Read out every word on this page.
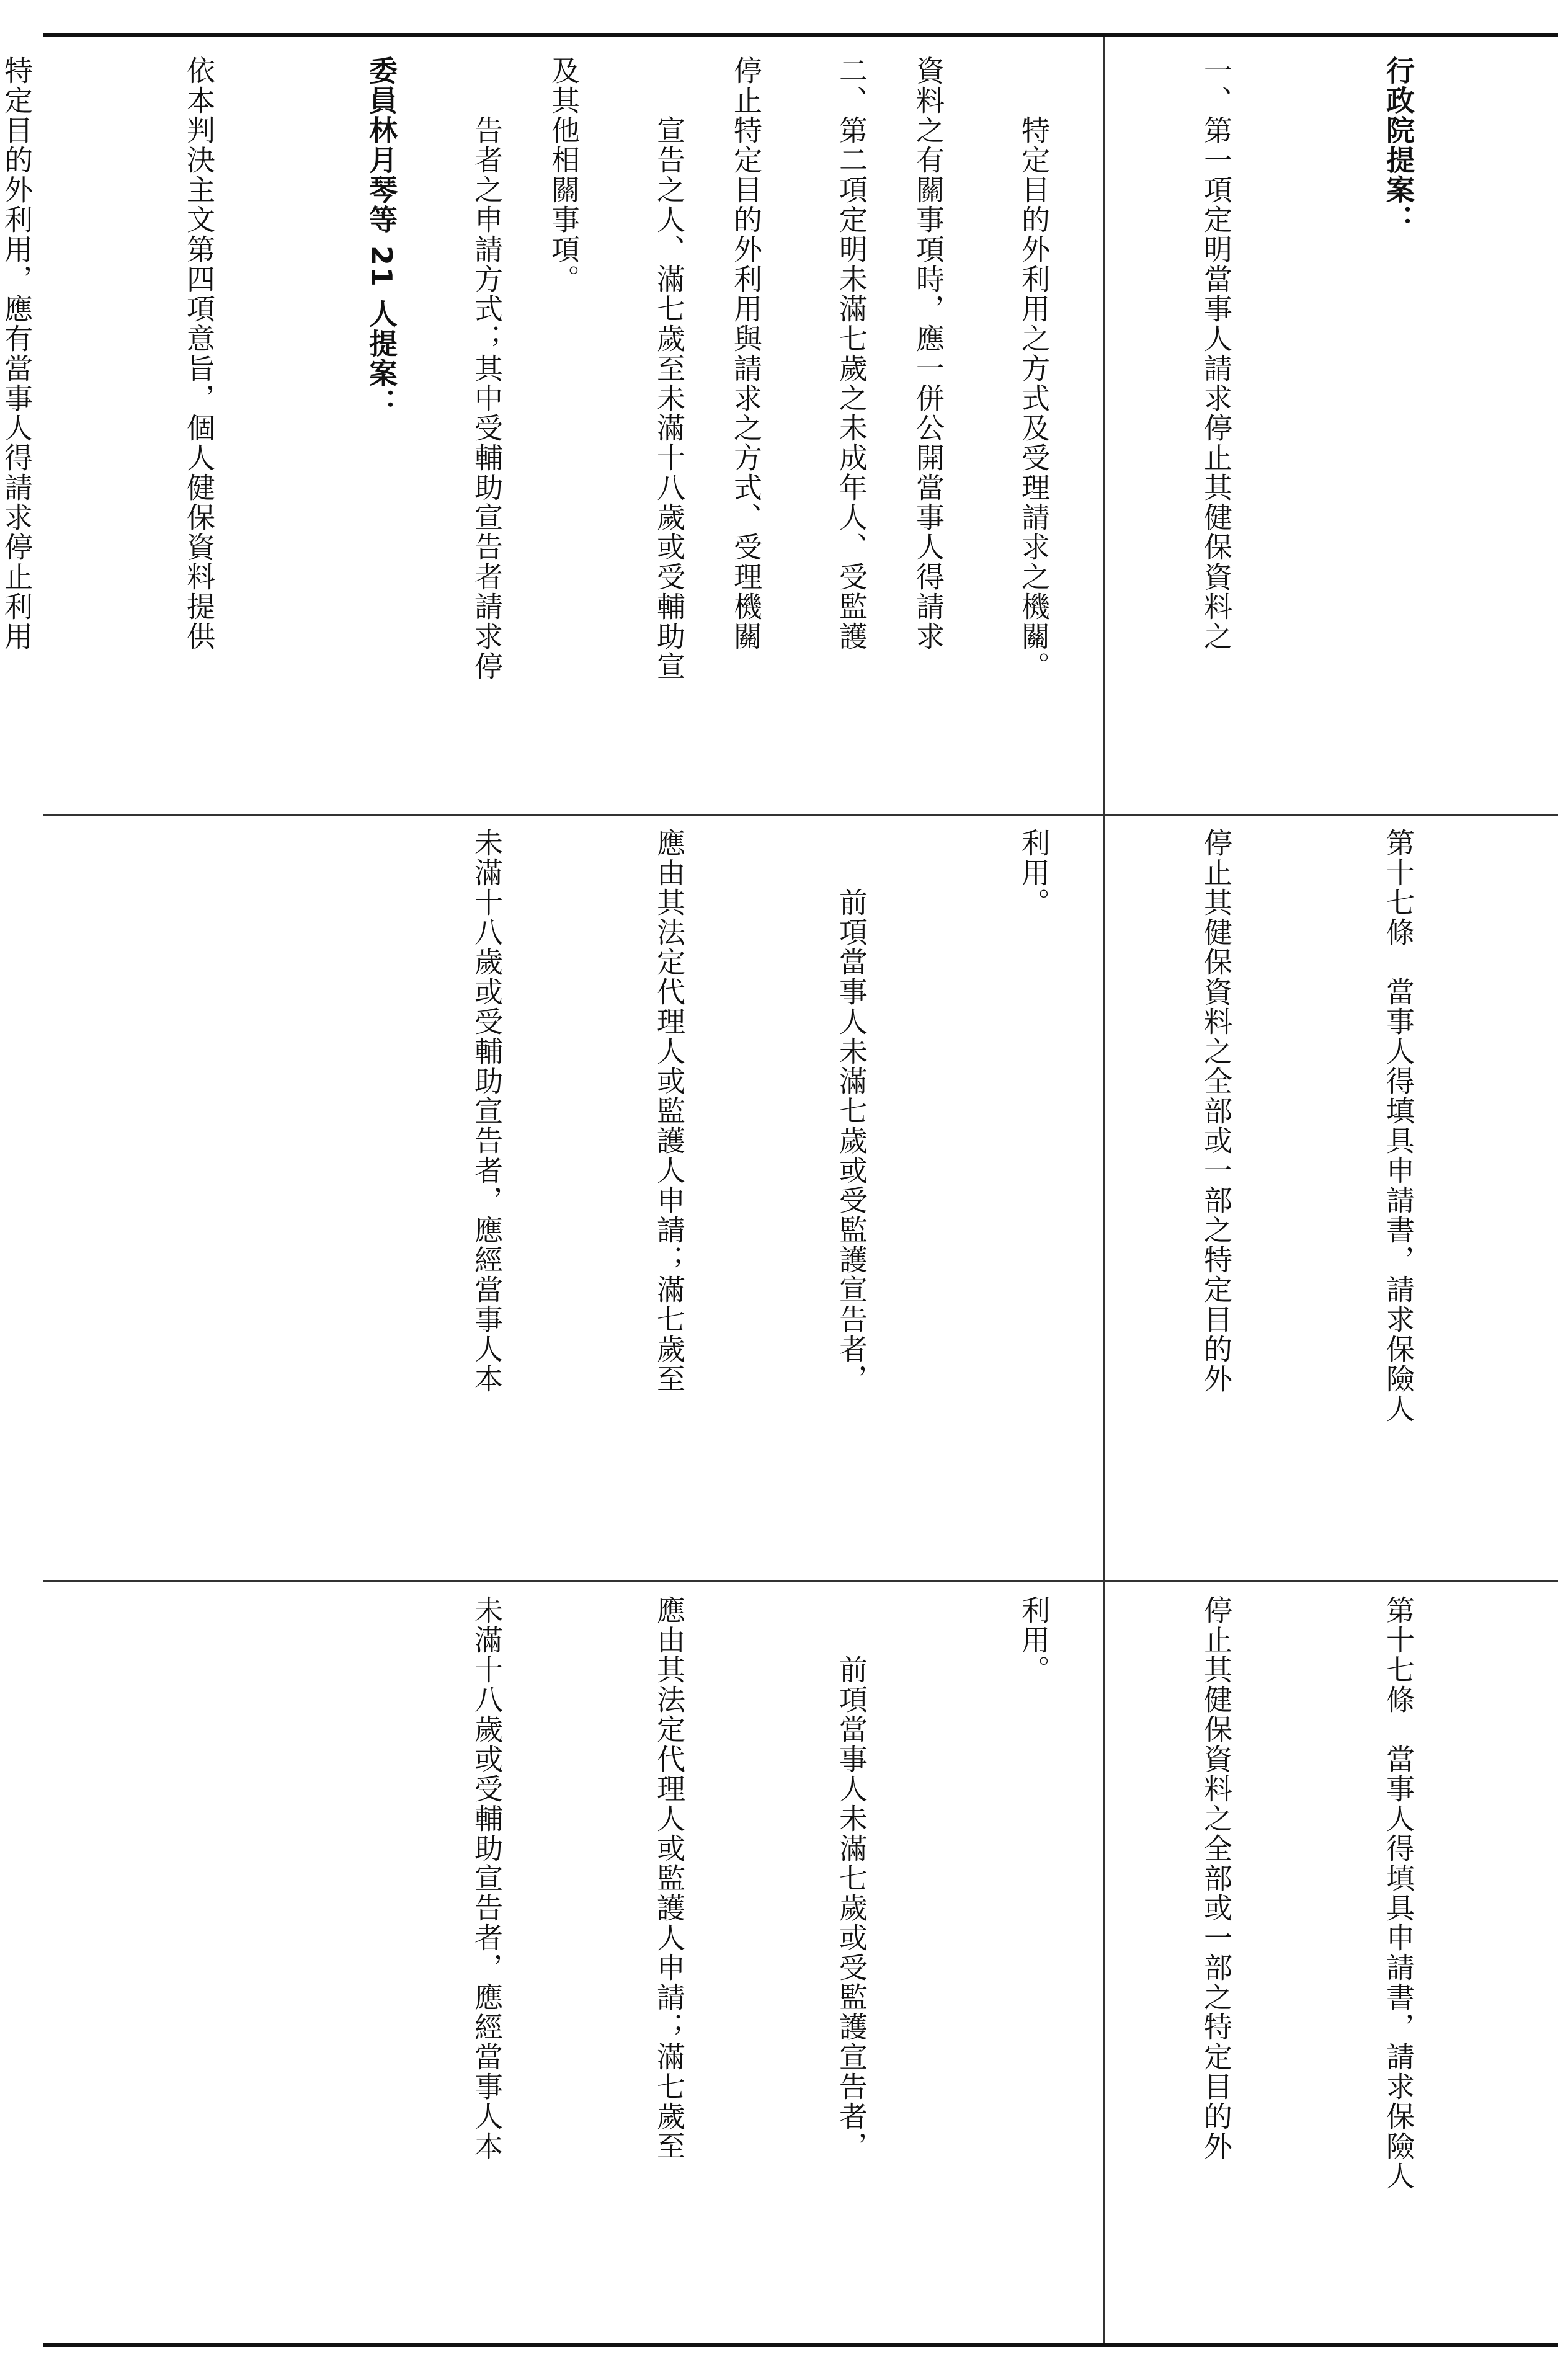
資料之有關事項時，應一併公開當事人得請求

停止特定目的外利用與請求之方式、受理機關

及其他相關事項。

委員林月琴等 21 人提案：

依本判決主文第四項意旨，個人健保資料提供

特定目的外利用，應有當事人得請求停止利用

	行政院提案：

一、第一項定明當事人請求停止其健保資料之

　　特定目的外利用之方式及受理請求之機關。

二、第二項定明未滿七歲之未成年人、受監護

　　宣告之人、滿七歲至未滿十八歲或受輔助宣

　　告者之申請方式；其中受輔助宣告者請求停

第十七條　當事人得填具申請書，請求保險人

停止其健保資料之全部或一部之特定目的外

利用。

　　前項當事人未滿七歲或受監護宣告者，

應由其法定代理人或監護人申請；滿七歲至

未滿十八歲或受輔助宣告者，應經當事人本

第十七條　當事人得填具申請書，請求保險人

停止其健保資料之全部或一部之特定目的外

利用。

　　前項當事人未滿七歲或受監護宣告者，

應由其法定代理人或監護人申請；滿七歲至

未滿十八歲或受輔助宣告者，應經當事人本
